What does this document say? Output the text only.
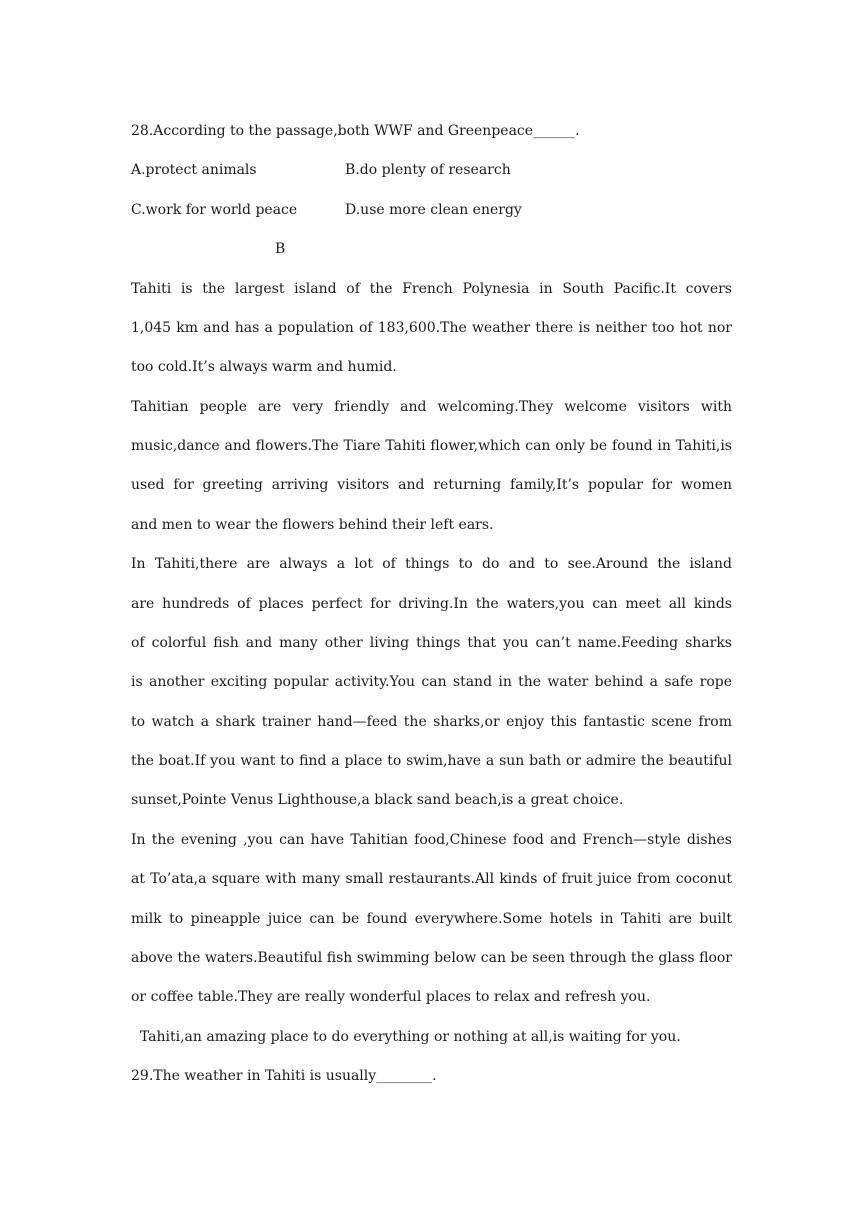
28.According to the passage,both WWF and Greenpeace______.
A.protect animals	B.do plenty of research
C.work for world peace	D.use more clean energy
B
Tahiti is the largest island of the French Polynesia in South Pacific.It covers
1,045 km and has a population of 183,600.The weather there is neither too hot nor
too cold.It’s always warm and humid.
Tahitian people are very friendly and welcoming.They welcome visitors with
music,dance and flowers.The Tiare Tahiti flower,which can only be found in Tahiti,is
used for greeting arriving visitors and returning family,It’s popular for women
and men to wear the flowers behind their left ears.
In Tahiti,there are always a lot of things to do and to see.Around the island
are hundreds of places perfect for driving.In the waters,you can meet all kinds
of colorful fish and many other living things that you can’t name.Feeding sharks
is another exciting popular activity.You can stand in the water behind a safe rope
to watch a shark trainer hand—feed the sharks,or enjoy this fantastic scene from
the boat.If you want to find a place to swim,have a sun bath or admire the beautiful
sunset,Pointe Venus Lighthouse,a black sand beach,is a great choice.
In the evening ,you can have Tahitian food,Chinese food and French—style dishes
at To’ata,a square with many small restaurants.All kinds of fruit juice from coconut
milk to pineapple juice can be found everywhere.Some hotels in Tahiti are built
above the waters.Beautiful fish swimming below can be seen through the glass floor
or coffee table.They are really wonderful places to relax and refresh you.
Tahiti,an amazing place to do everything or nothing at all,is waiting for you.
29.The weather in Tahiti is usually________.
